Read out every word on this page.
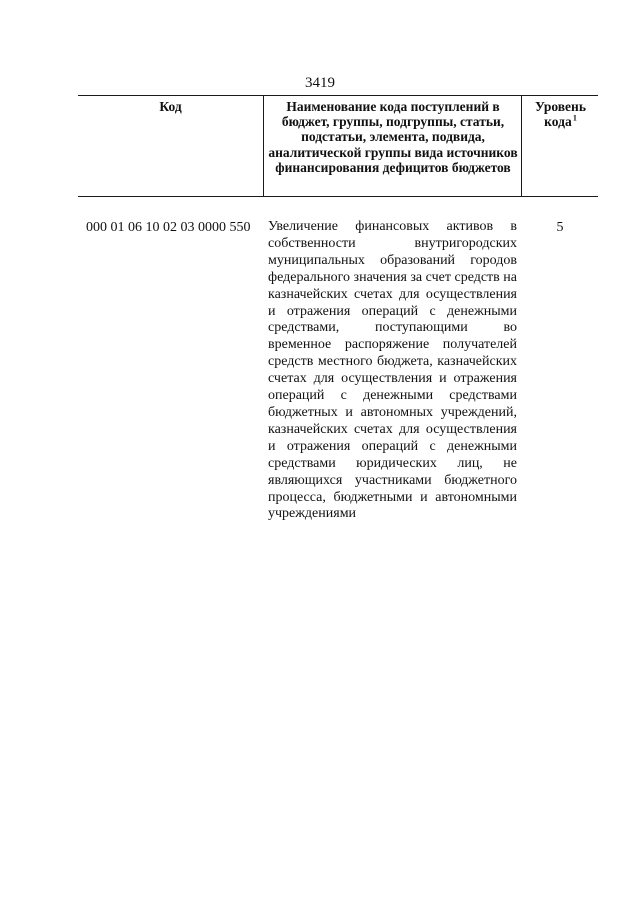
3419
Код	Наименование кода поступлений в бюджет, группы, подгруппы, статьи, подстатьи, элемента, подвида, аналитической группы вида источников финансирования дефицитов бюджетов
Уровень кода $^1$
000 01 06 10 02 03 0000 550 Увеличение финансовых активов в собственности внутригородских муниципальных образований городов федерального значения за счет средств на казначейских счетах для осуществления и отражения операций с денежными средствами, поступающими во временное распоряжение получателей средств местного бюджета, казначейских счетах для осуществления и отражения операций с денежными средствами бюджетных и автономных учреждений, казначейских счетах для осуществления и отражения операций с денежными средствами юридических лиц, не являющихся участниками бюджетного процесса, бюджетными и автономными учреждениями
5
